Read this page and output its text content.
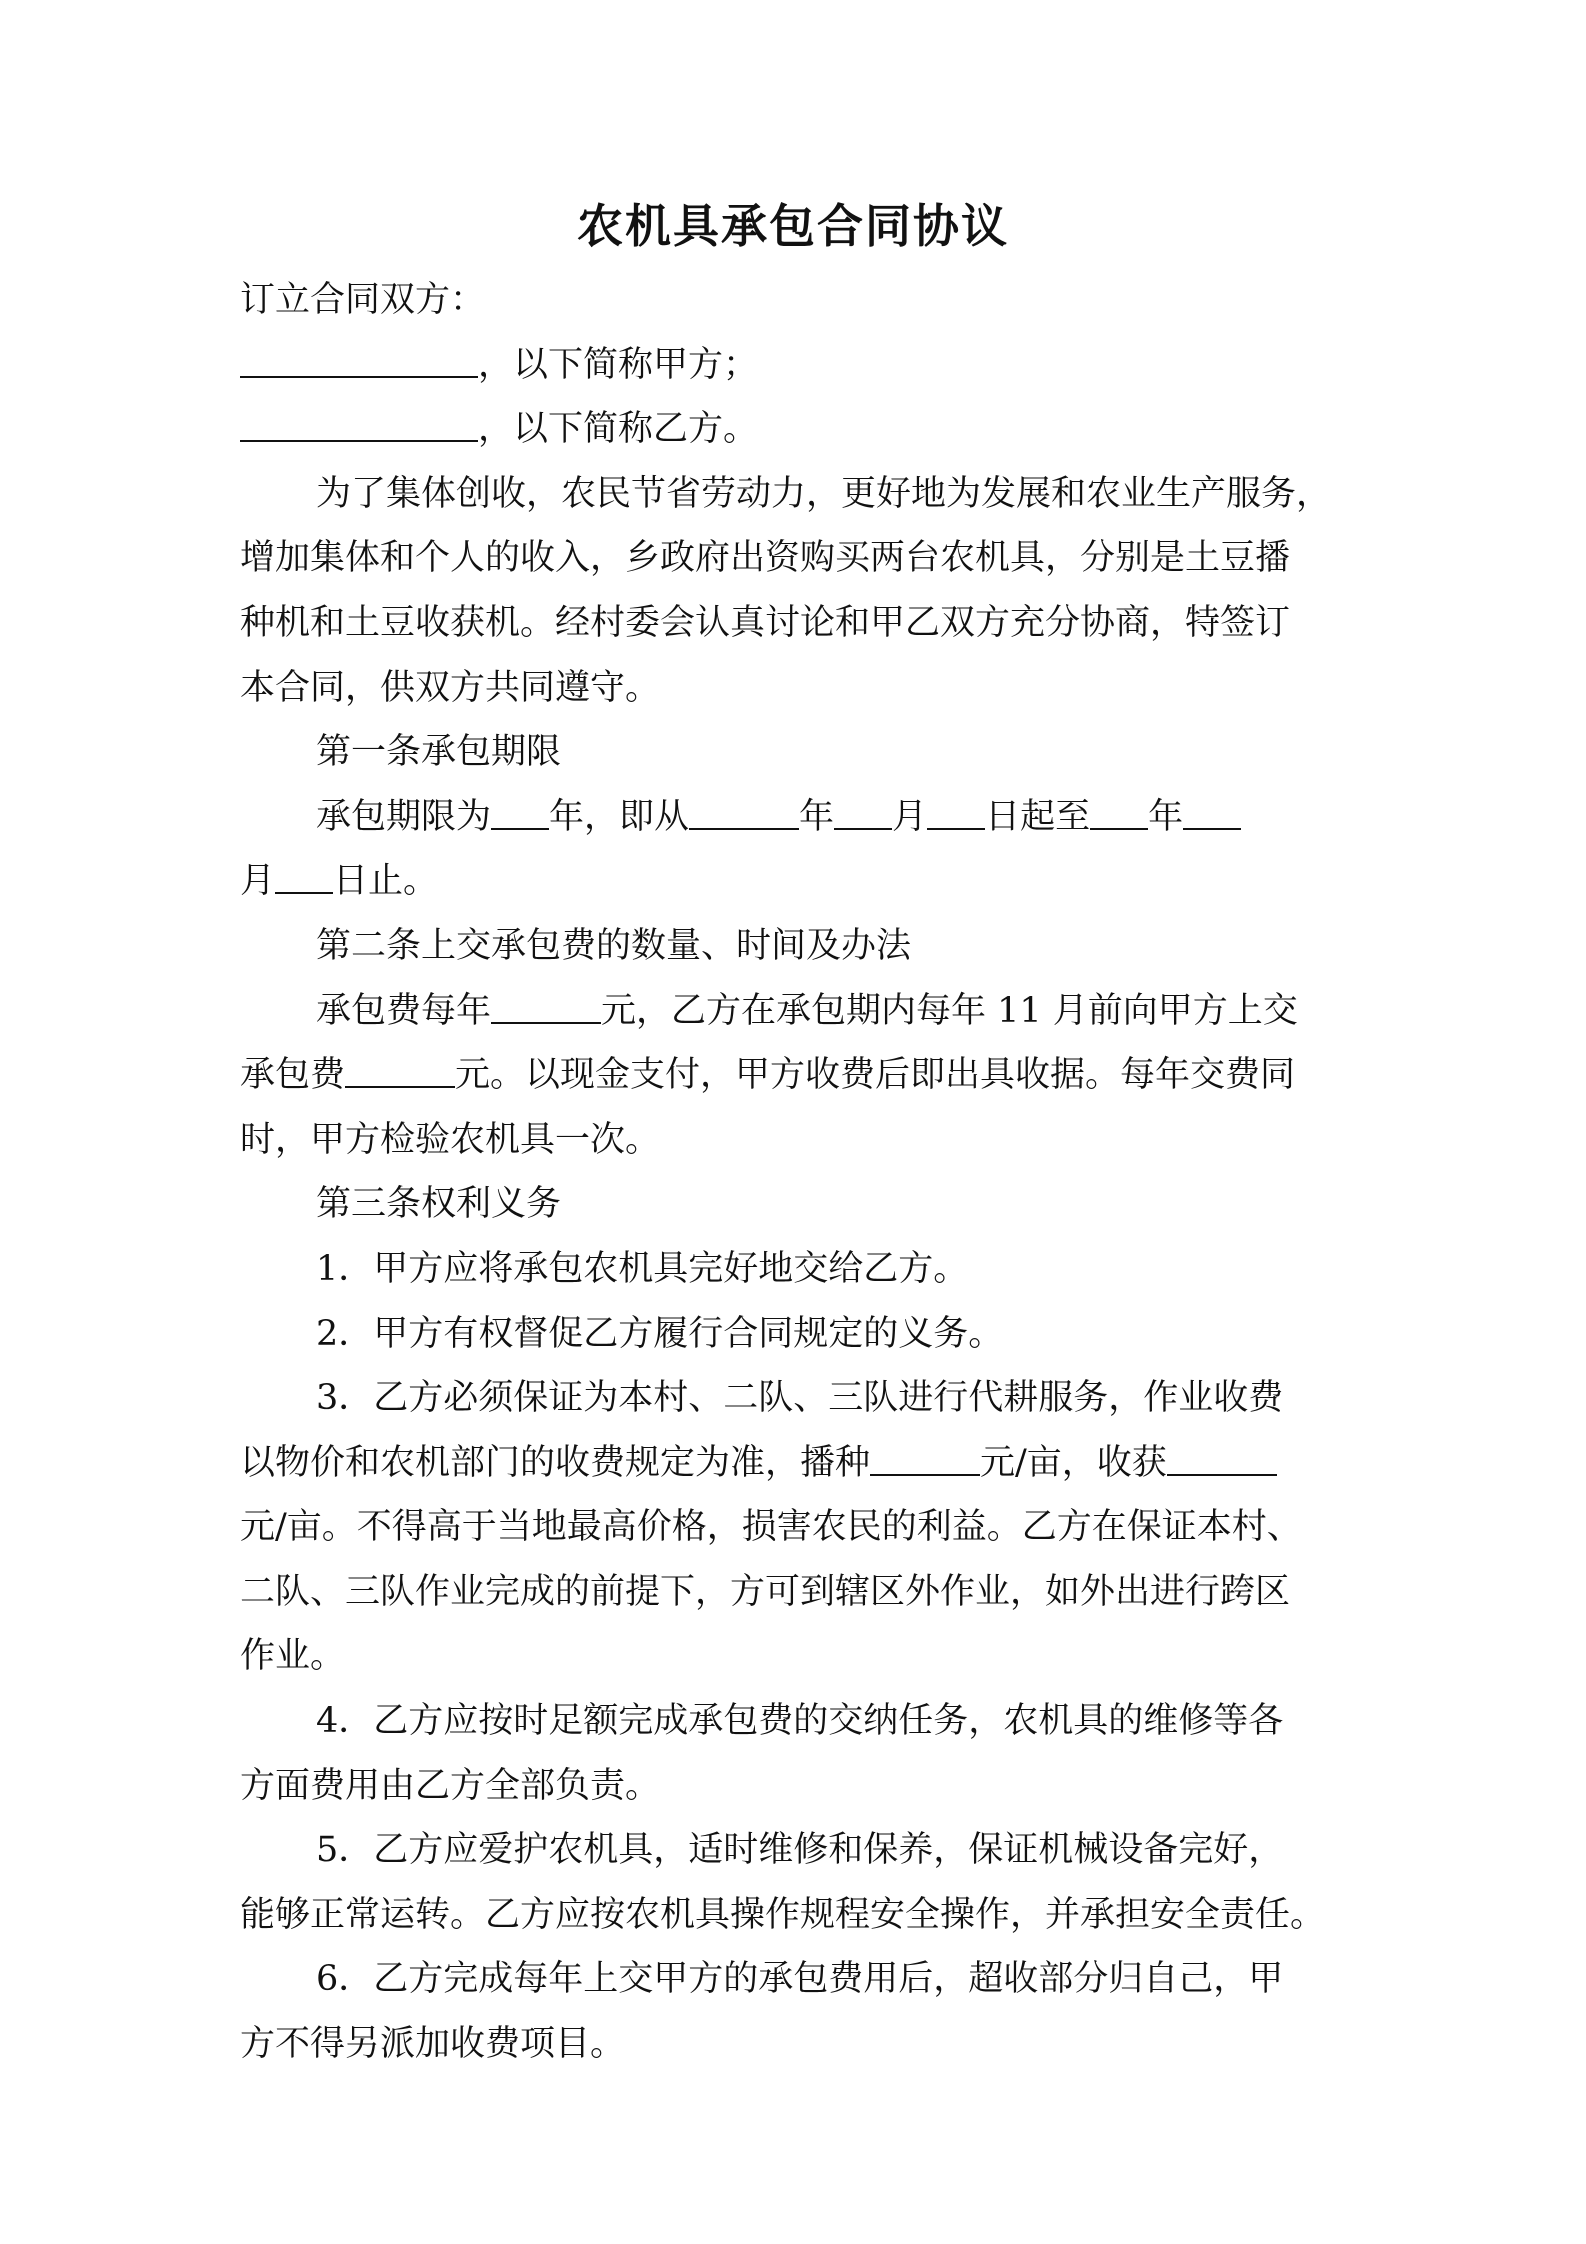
农机具承包合同协议
订立合同双方：
，以下简称甲方；
，以下简称乙方。
为了集体创收，农民节省劳动力，更好地为发展和农业生产服务，
增加集体和个人的收入，乡政府出资购买两台农机具，分别是土豆播
种机和土豆收获机。经村委会认真讨论和甲乙双方充分协商，特签订
本合同，供双方共同遵守。
第一条承包期限
承包期限为 年，即从	年 月 日起至 年
月 日止。
第二条上交承包费的数量、时间及办法
承包费每年	元，乙方在承包期内每年 11 月前向甲方上交
承包费	元。以现金支付，甲方收费后即出具收据。每年交费同
时，甲方检验农机具一次。
第三条权利义务
1．甲方应将承包农机具完好地交给乙方。
2．甲方有权督促乙方履行合同规定的义务。
3．乙方必须保证为本村、二队、三队进行代耕服务，作业收费
以物价和农机部门的收费规定为准，播种	元/亩，收获
元/亩。不得高于当地最高价格，损害农民的利益。乙方在保证本村、
二队、三队作业完成的前提下，方可到辖区外作业，如外出进行跨区
作业。
4．乙方应按时足额完成承包费的交纳任务，农机具的维修等各
方面费用由乙方全部负责。
5．乙方应爱护农机具，适时维修和保养，保证机械设备完好，
能够正常运转。乙方应按农机具操作规程安全操作，并承担安全责任。
6．乙方完成每年上交甲方的承包费用后，超收部分归自己，甲
方不得另派加收费项目。
